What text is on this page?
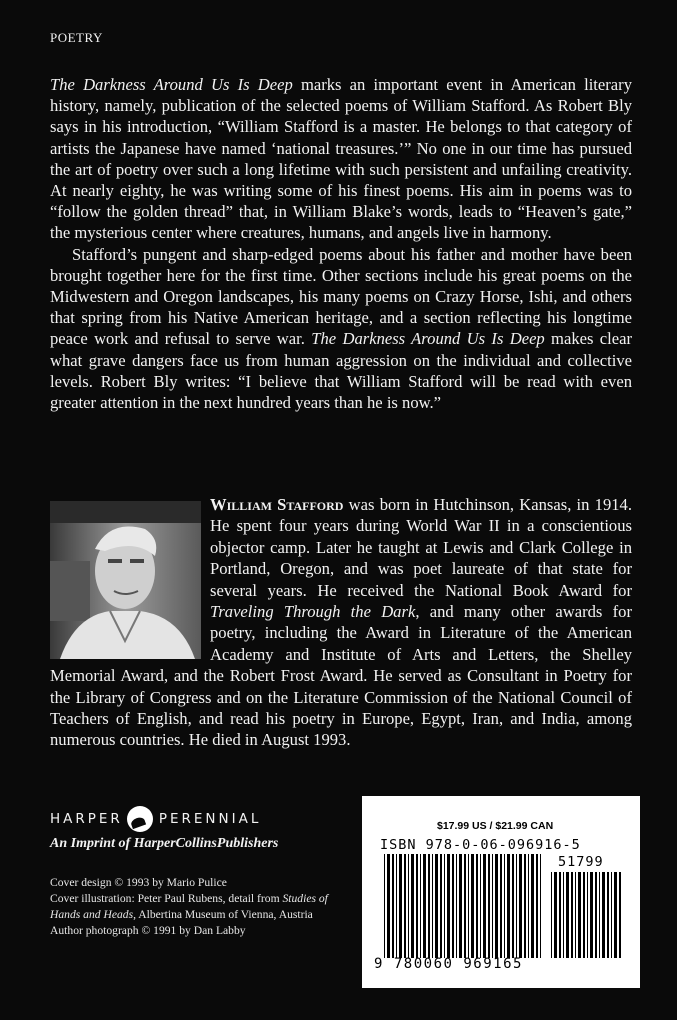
POETRY

The Darkness Around Us Is Deep marks an important event in American literary history, namely, publication of the selected poems of William Stafford. As Robert Bly says in his introduction, “William Stafford is a master. He belongs to that category of artists the Japanese have named ‘national treasures.’” No one in our time has pursued the art of poetry over such a long lifetime with such persistent and unfailing creativity. At nearly eighty, he was writing some of his finest poems. His aim in poems was to “follow the golden thread” that, in William Blake’s words, leads to “Heaven’s gate,” the mysterious center where creatures, humans, and angels live in harmony.

Stafford’s pungent and sharp-edged poems about his father and mother have been brought together here for the first time. Other sections include his great poems on the Midwestern and Oregon landscapes, his many poems on Crazy Horse, Ishi, and others that spring from his Native American heritage, and a section reflecting his longtime peace work and refusal to serve war. The Darkness Around Us Is Deep makes clear what grave dangers face us from human aggression on the individual and collective levels. Robert Bly writes: “I believe that William Stafford will be read with even greater attention in the next hundred years than he is now.”

William Stafford was born in Hutchinson, Kansas, in 1914. He spent four years during World War II in a conscientious objector camp. Later he taught at Lewis and Clark College in Portland, Oregon, and was poet laureate of that state for several years. He received the National Book Award for Traveling Through the Dark, and many other awards for poetry, including the Award in Literature of the American Academy and Institute of Arts and Letters, the Shelley Memorial Award, and the Robert Frost Award. He served as Consultant in Poetry for the Library of Congress and on the Literature Commission of the National Council of Teachers of English, and read his poetry in Europe, Egypt, Iran, and India, among numerous countries. He died in August 1993.
HARPER	PERENNIAL
An Imprint of HarperCollinsPublishers
Cover design © 1993 by Mario Pulice
Cover illustration: Peter Paul Rubens, detail from Studies of Hands and Heads, Albertina Museum of Vienna, Austria
Author photograph © 1991 by Dan Labby
$17.99 US / $21.99 CAN
ISBN 978-0-06-096916-5
51799
9 780060 969165
